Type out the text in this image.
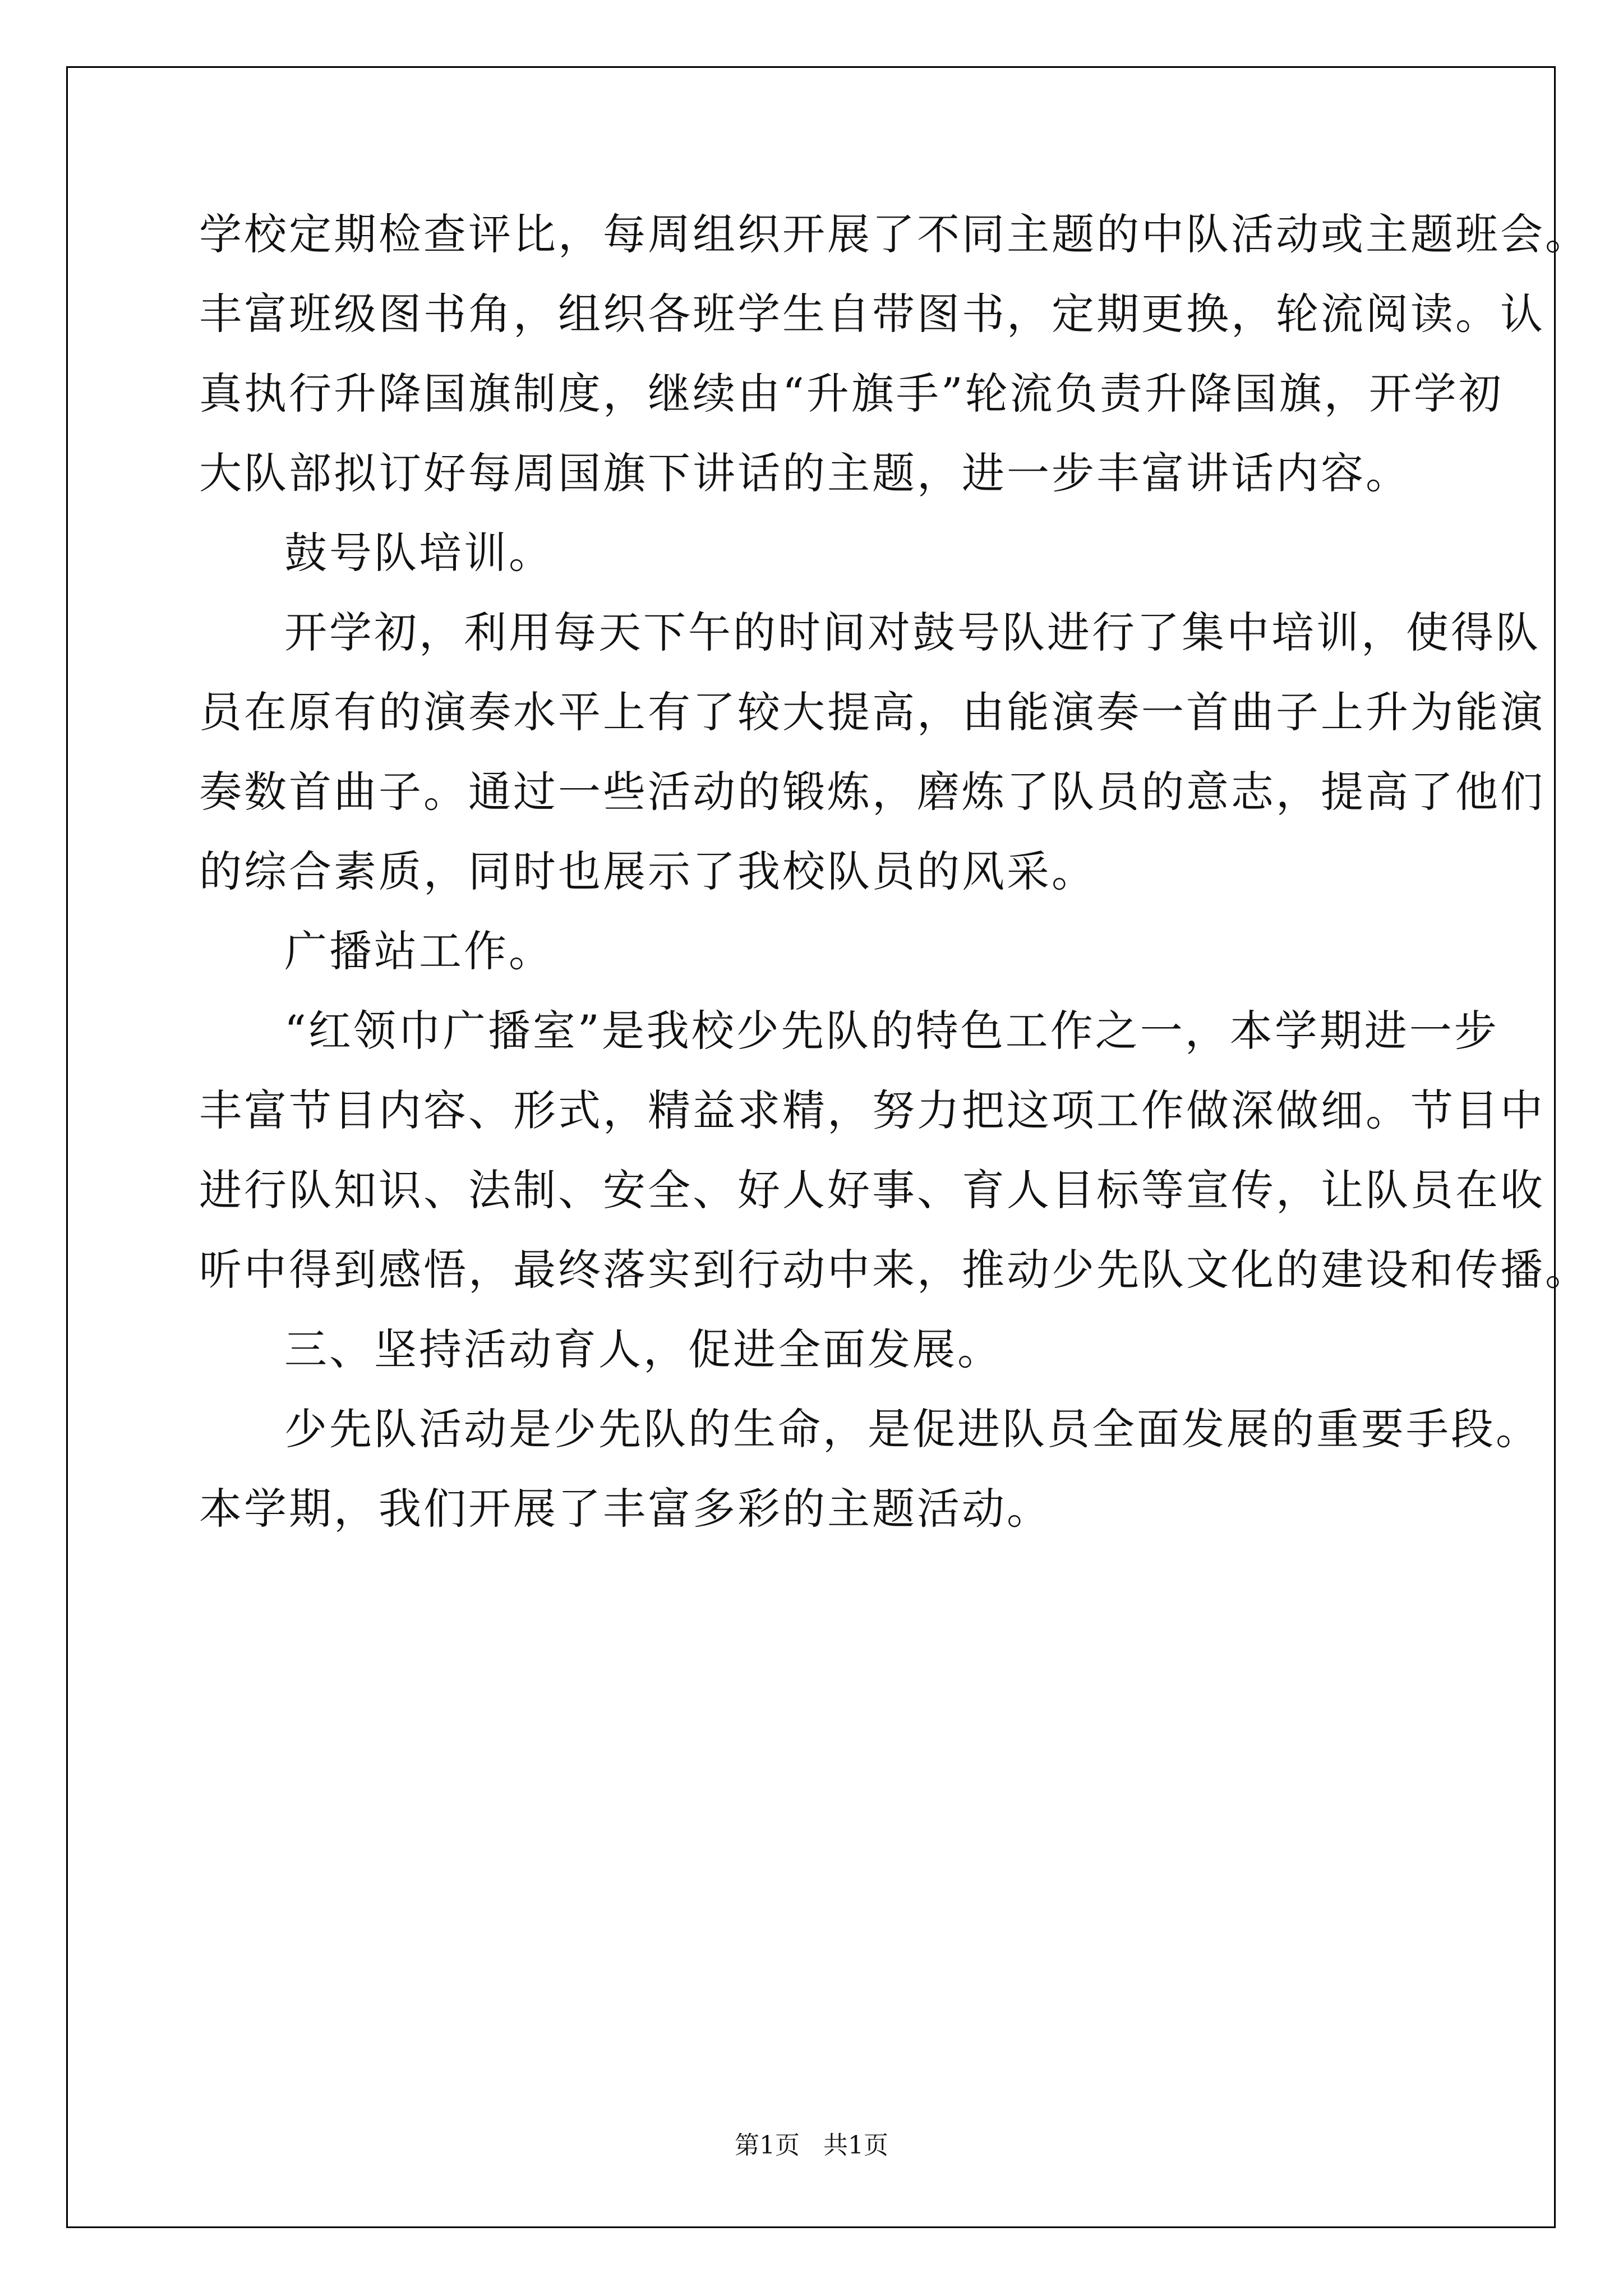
学校定期检查评比，每周组织开展了不同主题的中队活动或主题班会。
丰富班级图书角，组织各班学生自带图书，定期更换，轮流阅读。认
真执行升降国旗制度，继续由“升旗手”轮流负责升降国旗，开学初
大队部拟订好每周国旗下讲话的主题，进一步丰富讲话内容。
鼓号队培训。
开学初，利用每天下午的时间对鼓号队进行了集中培训，使得队
员在原有的演奏水平上有了较大提高，由能演奏一首曲子上升为能演
奏数首曲子。通过一些活动的锻炼，磨炼了队员的意志，提高了他们
的综合素质，同时也展示了我校队员的风采。
广播站工作。
“红领巾广播室”是我校少先队的特色工作之一，本学期进一步
丰富节目内容、形式，精益求精，努力把这项工作做深做细。节目中
进行队知识、法制、安全、好人好事、育人目标等宣传，让队员在收
听中得到感悟，最终落实到行动中来，推动少先队文化的建设和传播。
三、坚持活动育人，促进全面发展。
少先队活动是少先队的生命，是促进队员全面发展的重要手段。
本学期，我们开展了丰富多彩的主题活动。
第1页   共1页
